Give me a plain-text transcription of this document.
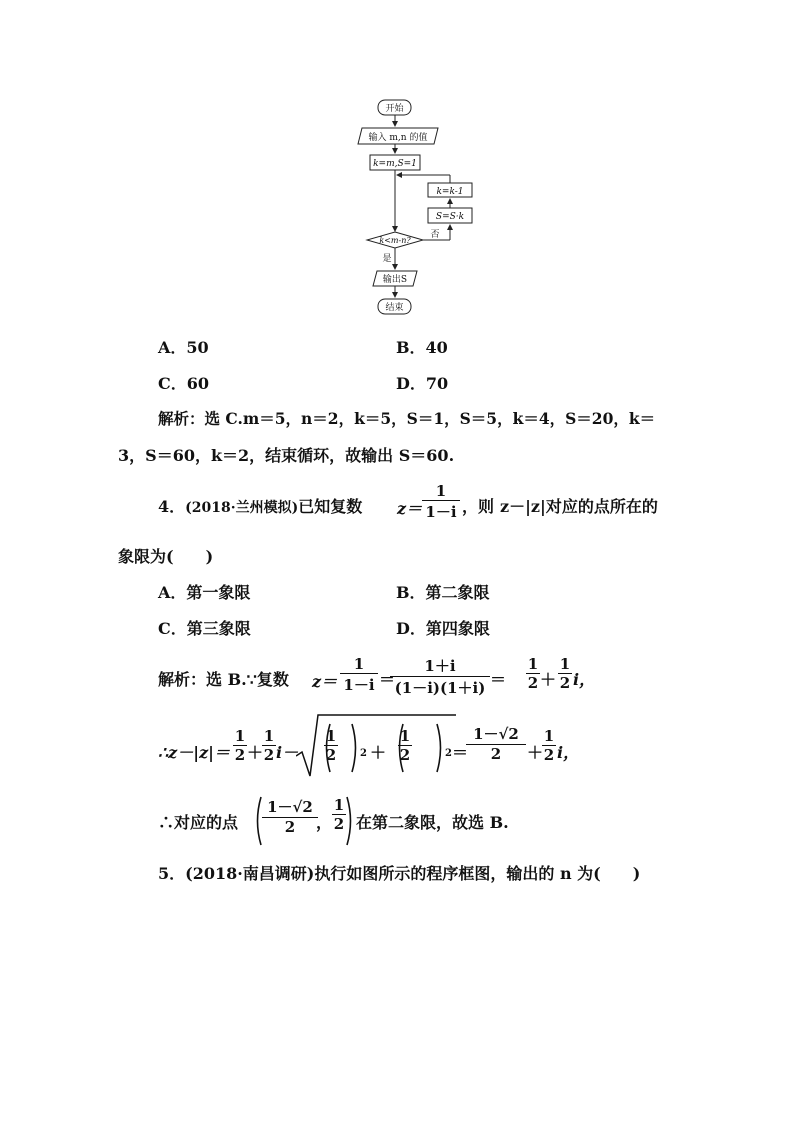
开始
输入 m,n 的值
k=m,S=1
k=k-1
S=S·k
否
k<m-n?
是
输出S
结束
A．50	B．40
C．60	D．70
解析：选 C.m＝5，n＝2，k＝5，S＝1，S＝5，k＝4，S＝20，k＝
3，S＝60，k＝2，结束循环，故输出 S＝60.
4．(2018·兰州模拟)已知复数 z＝
1
1－i ，则 z－|z|对应的点所在的
象限为(　　)
A．第一象限	B．第二象限
C．第三象限	D．第四象限
解析：选 B.∵复数 z＝
1
1－i ＝
1＋i
(1－i)(1＋i) ＝
1
2 ＋
1
2 i，
∴z－|z|＝
1
2 ＋
1
2 i－
1
2 2 ＋
1
2	2 ＝
1－√2
2	＋
1
2 i，
∴对应的点
1－√2
2	，
1
2 在第二象限，故选 B.
5．(2018·南昌调研)执行如图所示的程序框图，输出的 n 为(　　)
